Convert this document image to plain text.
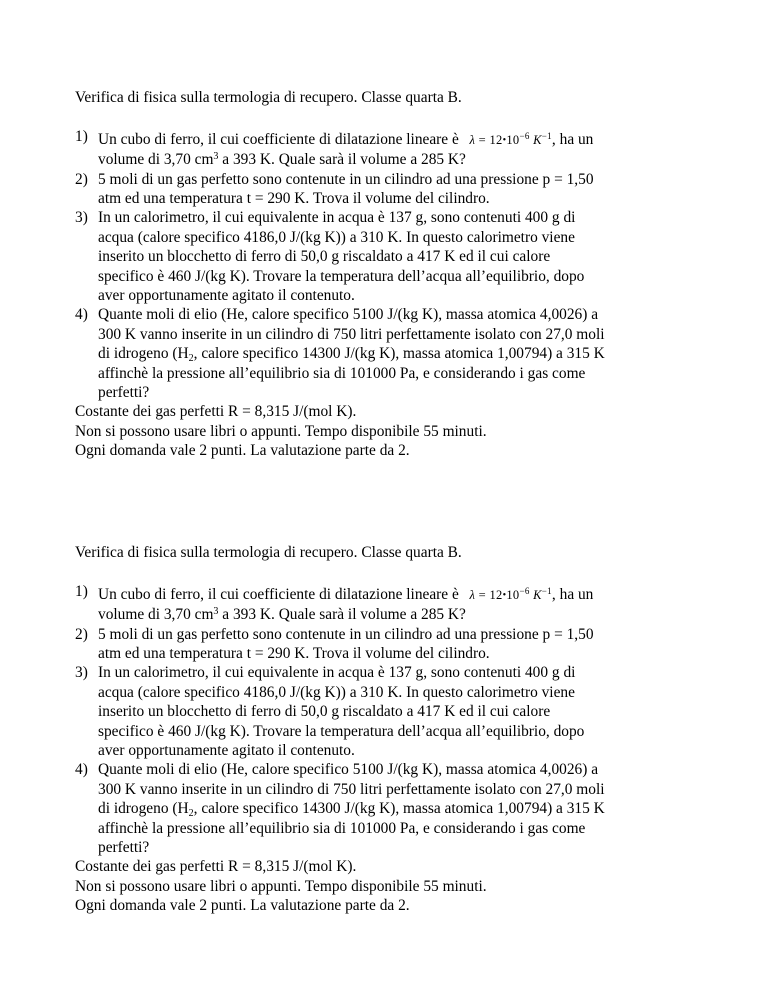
Verifica di fisica sulla termologia di recupero. Classe quarta B.

1) Un cubo di ferro, il cui coefficiente di dilatazione lineare è $\lambda = 12•10^{-6}$ $K^{-1}$, ha un
volume di 3,70 $cm^3$ a 393 K. Quale sarà il volume a 285 K?
2) 5 moli di un gas perfetto sono contenute in un cilindro ad una pressione p = 1,50
atm ed una temperatura t = 290 K. Trova il volume del cilindro.
3) In un calorimetro, il cui equivalente in acqua è 137 g, sono contenuti 400 g di
acqua (calore specifico 4186,0 J/(kg K)) a 310 K. In questo calorimetro viene
inserito un blocchetto di ferro di 50,0 g riscaldato a 417 K ed il cui calore
specifico è 460 J/(kg K). Trovare la temperatura dell’acqua all’equilibrio, dopo
aver opportunamente agitato il contenuto.
4) Quante moli di elio (He, calore specifico 5100 J/(kg K), massa atomica 4,0026) a
300 K vanno inserite in un cilindro di 750 litri perfettamente isolato con 27,0 moli
di idrogeno ($H_2$, calore specifico 14300 J/(kg K), massa atomica 1,00794) a 315 K
affinchè la pressione all’equilibrio sia di 101000 Pa, e considerando i gas come
perfetti?
Costante dei gas perfetti R = 8,315 J/(mol K).
Non si possono usare libri o appunti. Tempo disponibile 55 minuti.
Ogni domanda vale 2 punti. La valutazione parte da 2.

Verifica di fisica sulla termologia di recupero. Classe quarta B.

1) Un cubo di ferro, il cui coefficiente di dilatazione lineare è $\lambda = 12•10^{-6}$ $K^{-1}$, ha un
volume di 3,70 $cm^3$ a 393 K. Quale sarà il volume a 285 K?
2) 5 moli di un gas perfetto sono contenute in un cilindro ad una pressione p = 1,50
atm ed una temperatura t = 290 K. Trova il volume del cilindro.
3) In un calorimetro, il cui equivalente in acqua è 137 g, sono contenuti 400 g di
acqua (calore specifico 4186,0 J/(kg K)) a 310 K. In questo calorimetro viene
inserito un blocchetto di ferro di 50,0 g riscaldato a 417 K ed il cui calore
specifico è 460 J/(kg K). Trovare la temperatura dell’acqua all’equilibrio, dopo
aver opportunamente agitato il contenuto.
4) Quante moli di elio (He, calore specifico 5100 J/(kg K), massa atomica 4,0026) a
300 K vanno inserite in un cilindro di 750 litri perfettamente isolato con 27,0 moli
di idrogeno ($H_2$, calore specifico 14300 J/(kg K), massa atomica 1,00794) a 315 K
affinchè la pressione all’equilibrio sia di 101000 Pa, e considerando i gas come
perfetti?
Costante dei gas perfetti R = 8,315 J/(mol K).
Non si possono usare libri o appunti. Tempo disponibile 55 minuti.
Ogni domanda vale 2 punti. La valutazione parte da 2.
